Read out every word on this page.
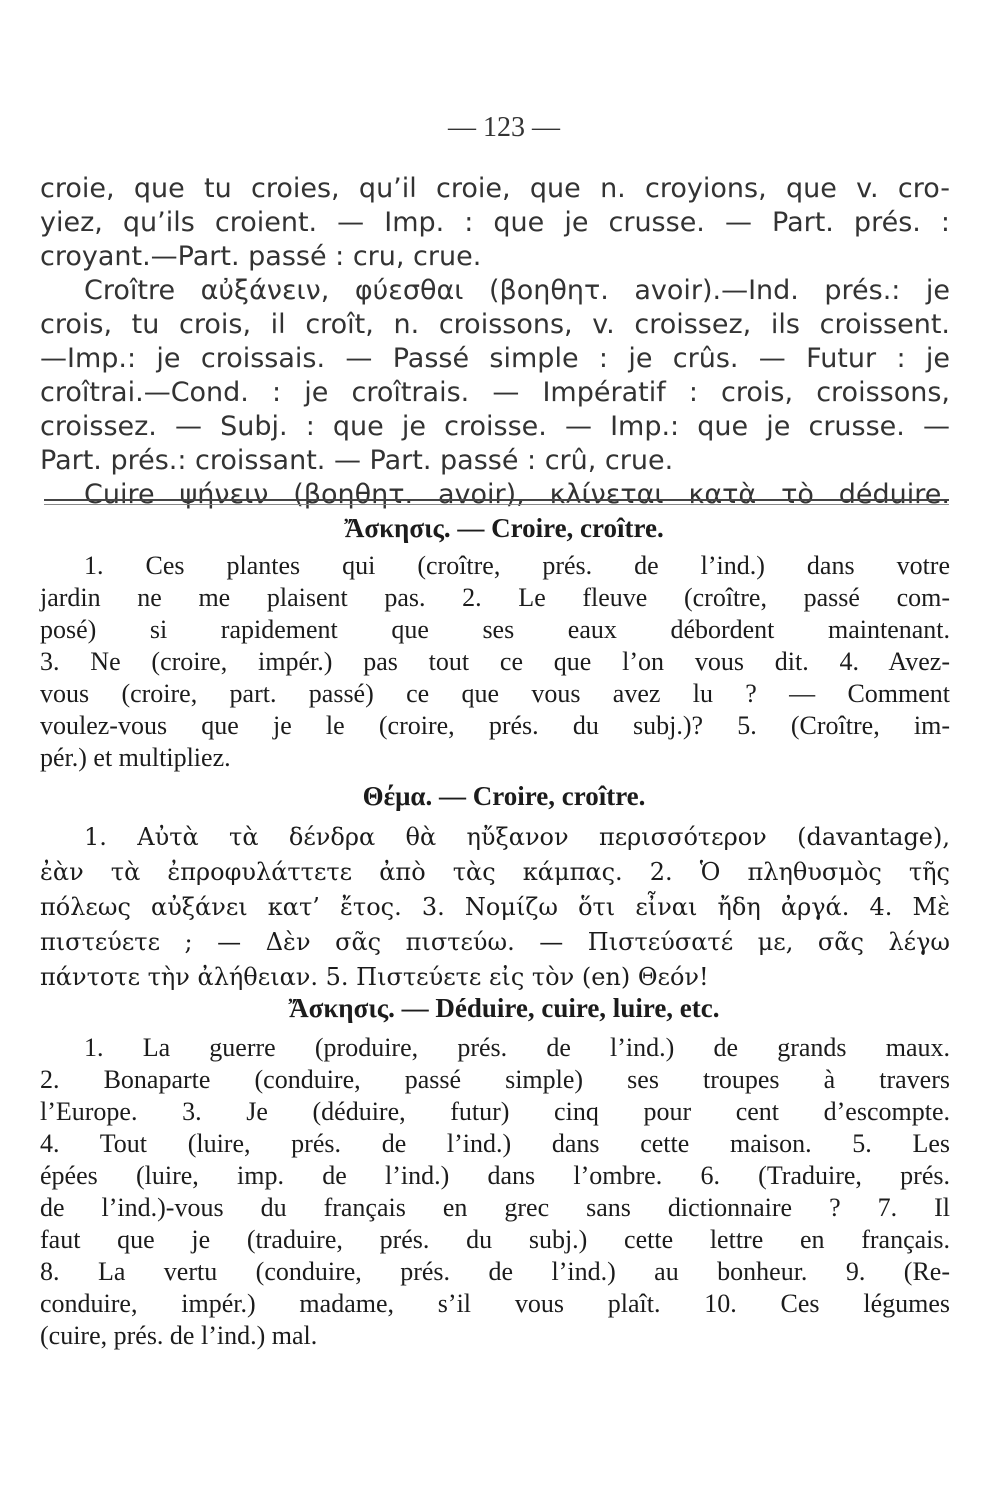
— 123 —
croie, que tu croies, qu’il croie, que n. croyions, que v. cro-
yiez, qu’ils croient. — Imp. : que je crusse. — Part. prés. :
croyant.—Part. passé : cru, crue.
Croître αὐξάνειν, φύεσθαι (βοηθητ. avoir).—Ind. prés.: je
crois, tu crois, il croît, n. croissons, v. croissez, ils croissent.
—Imp.: je croissais. — Passé simple : je crûs. — Futur : je
croîtrai.—Cond. : je croîtrais. — Impératif : crois, croissons,
croissez. — Subj. : que je croisse. — Imp.: que je crusse. —
Part. prés.: croissant. — Part. passé : crû, crue.
Cuire ψήνειν (βοηθητ. avoir), κλίνεται κατὰ τὸ déduire.
Ἄσκησις. — Croire, croître.
1. Ces plantes qui (croître, prés. de l’ind.) dans votre
jardin ne me plaisent pas. 2. Le fleuve (croître, passé com-
posé) si rapidement que ses eaux débordent maintenant.
3. Ne (croire, impér.) pas tout ce que l’on vous dit. 4. Avez-
vous (croire, part. passé) ce que vous avez lu ? — Comment
voulez-vous que je le (croire, prés. du subj.)? 5. (Croître, im-
pér.) et multipliez.
Θέμα. — Croire, croître.
1. Αὐτὰ τὰ δένδρα θὰ ηὔξανον περισσότερον (davantage),
ἐὰν τὰ ἐπροφυλάττετε ἀπὸ τὰς κάμπας. 2. Ὁ πληθυσμὸς τῆς
πόλεως αὐξάνει κατ’ ἔτος. 3. Νομίζω ὅτι εἶναι ἤδη ἀργά. 4. Μὲ
πιστεύετε ; — Δὲν σᾶς πιστεύω. — Πιστεύσατέ με, σᾶς λέγω
πάντοτε τὴν ἀλήθειαν. 5. Πιστεύετε εἰς τὸν (en) Θεόν!
Ἄσκησις. — Déduire, cuire, luire, etc.
1. La guerre (produire, prés. de l’ind.) de grands maux.
2. Bonaparte (conduire, passé simple) ses troupes à travers
l’Europe. 3. Je (déduire, futur) cinq pour cent d’escompte.
4. Tout (luire, prés. de l’ind.) dans cette maison. 5. Les
épées (luire, imp. de l’ind.) dans l’ombre. 6. (Traduire, prés.
de l’ind.)-vous du français en grec sans dictionnaire ? 7. Il
faut que je (traduire, prés. du subj.) cette lettre en français.
8. La vertu (conduire, prés. de l’ind.) au bonheur. 9. (Re-
conduire, impér.) madame, s’il vous plaît. 10. Ces légumes
(cuire, prés. de l’ind.) mal.
